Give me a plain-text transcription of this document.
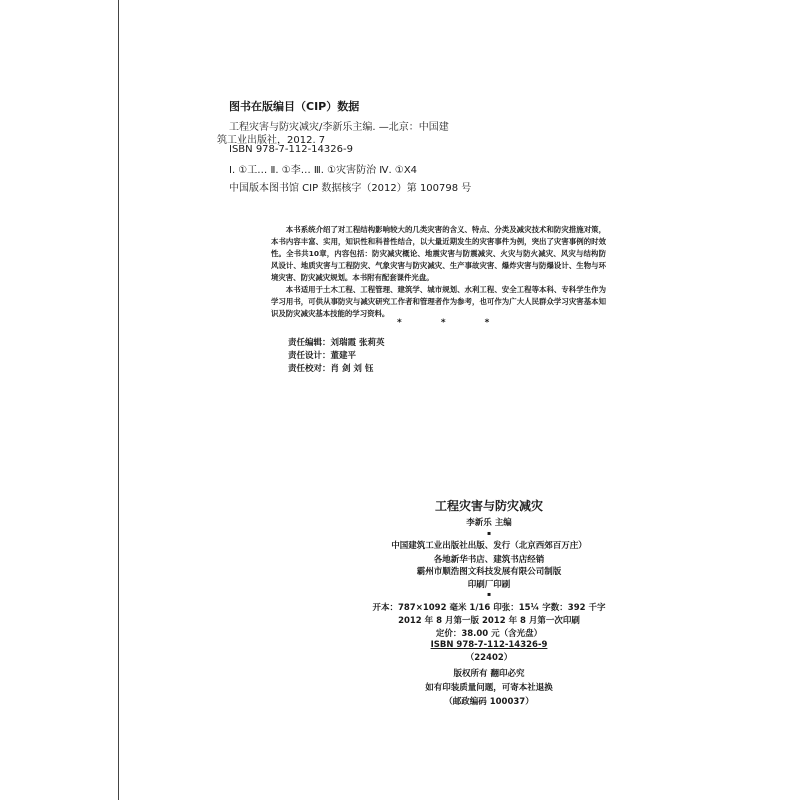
图书在版编目（CIP）数据
工程灾害与防灾减灾/李新乐主编. —北京：中国建
筑工业出版社，2012. 7
ISBN 978-7-112-14326-9
Ⅰ. ①工… Ⅱ. ①李… Ⅲ. ①灾害防治 Ⅳ. ①X4
中国版本图书馆 CIP 数据核字（2012）第 100798 号

本书系统介绍了对工程结构影响较大的几类灾害的含义、特点、分类及减灾技术和防灾措施对策，本书内容丰富、实用，知识性和科普性结合，以大量近期发生的灾害事件为例，突出了灾害事例的时效性。全书共10章，内容包括：防灾减灾概论、地震灾害与防震减灾、火灾与防火减灾、风灾与结构防风设计、地质灾害与工程防灾、气象灾害与防灾减灾、生产事故灾害、爆炸灾害与防爆设计、生物与环境灾害、防灾减灾规划。本书附有配套课件光盘。

本书适用于土木工程、工程管理、建筑学、城市规划、水利工程、安全工程等本科、专科学生作为学习用书，可供从事防灾与减灾研究工作者和管理者作为参考，也可作为广大人民群众学习灾害基本知识及防灾减灾基本技能的学习资料。

* * *
责任编辑：刘瑞霞 张莉英
责任设计：董建平
责任校对：肖 剑 刘 钰
工程灾害与防灾减灾
李新乐 主编
▪
中国建筑工业出版社出版、发行（北京西郊百万庄）
各地新华书店、建筑书店经销
霸州市顺浩图文科技发展有限公司制版
印刷厂印刷
▪
开本：787×1092 毫米 1/16 印张：15¼ 字数：392 千字
2012 年 8 月第一版 2012 年 8 月第一次印刷
定价：38.00 元（含光盘）
ISBN 978-7-112-14326-9
（22402）
版权所有 翻印必究
如有印装质量问题，可寄本社退换
（邮政编码 100037）
